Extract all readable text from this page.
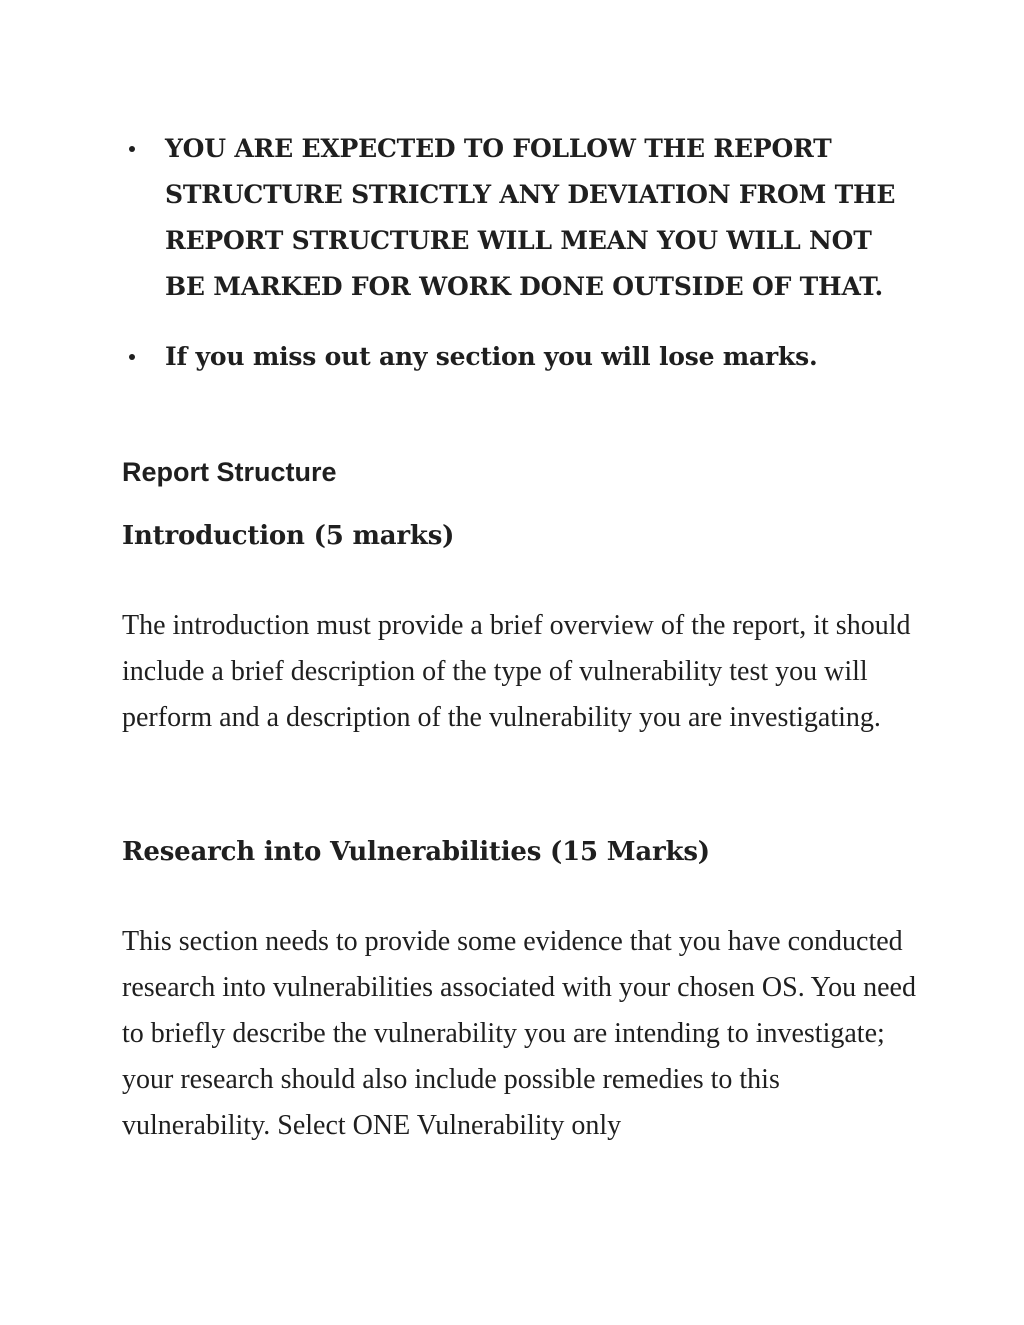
YOU ARE EXPECTED TO FOLLOW THE REPORT STRUCTURE STRICTLY ANY DEVIATION FROM THE REPORT STRUCTURE WILL MEAN YOU WILL NOT BE MARKED FOR WORK DONE OUTSIDE OF THAT.
If you miss out any section you will lose marks.
Report Structure
Introduction (5 marks)

The introduction must provide a brief overview of the report, it should include a brief description of the type of vulnerability test you will perform and a description of the vulnerability you are investigating.

Research into Vulnerabilities (15 Marks)

This section needs to provide some evidence that you have conducted research into vulnerabilities associated with your chosen OS. You need to briefly describe the vulnerability you are intending to investigate; your research should also include possible remedies to this vulnerability. Select ONE Vulnerability only
